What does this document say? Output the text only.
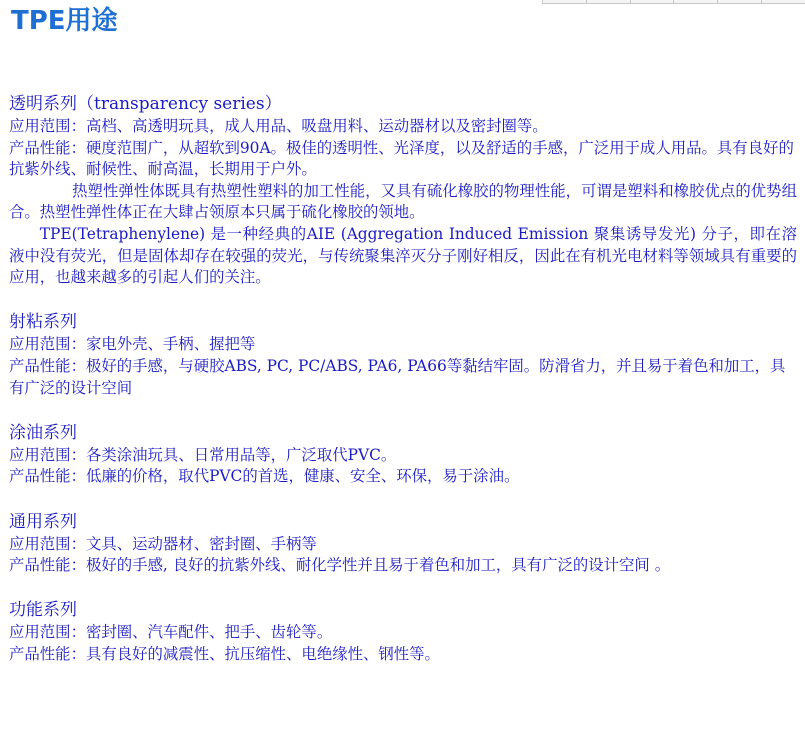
TPE用途

透明系列（transparency series）

应用范围：高档、高透明玩具，成人用品、吸盘用料、运动器材以及密封圈等。

产品性能：硬度范围广，从超软到90A。极佳的透明性、光泽度，以及舒适的手感，广泛用于成人用品。具有良好的抗紫外线、耐候性、耐高温，长期用于户外。

热塑性弹性体既具有热塑性塑料的加工性能，又具有硫化橡胶的物理性能，可谓是塑料和橡胶优点的优势组合。热塑性弹性体正在大肆占领原本只属于硫化橡胶的领地。

TPE(Tetraphenylene) 是一种经典的AIE (Aggregation Induced Emission 聚集诱导发光) 分子，即在溶液中没有荧光，但是固体却存在较强的荧光，与传统聚集淬灭分子刚好相反，因此在有机光电材料等领域具有重要的应用，也越来越多的引起人们的关注。

射粘系列

应用范围：家电外壳、手柄、握把等

产品性能：极好的手感，与硬胶ABS, PC, PC/ABS, PA6, PA66等黏结牢固。防滑省力，并且易于着色和加工，具有广泛的设计空间

涂油系列

应用范围：各类涂油玩具、日常用品等，广泛取代PVC。

产品性能：低廉的价格，取代PVC的首选，健康、安全、环保，易于涂油。

通用系列

应用范围：文具、运动器材、密封圈、手柄等

产品性能：极好的手感, 良好的抗紫外线、耐化学性并且易于着色和加工，具有广泛的设计空间 。

功能系列

应用范围：密封圈、汽车配件、把手、齿轮等。

产品性能：具有良好的减震性、抗压缩性、电绝缘性、钢性等。
